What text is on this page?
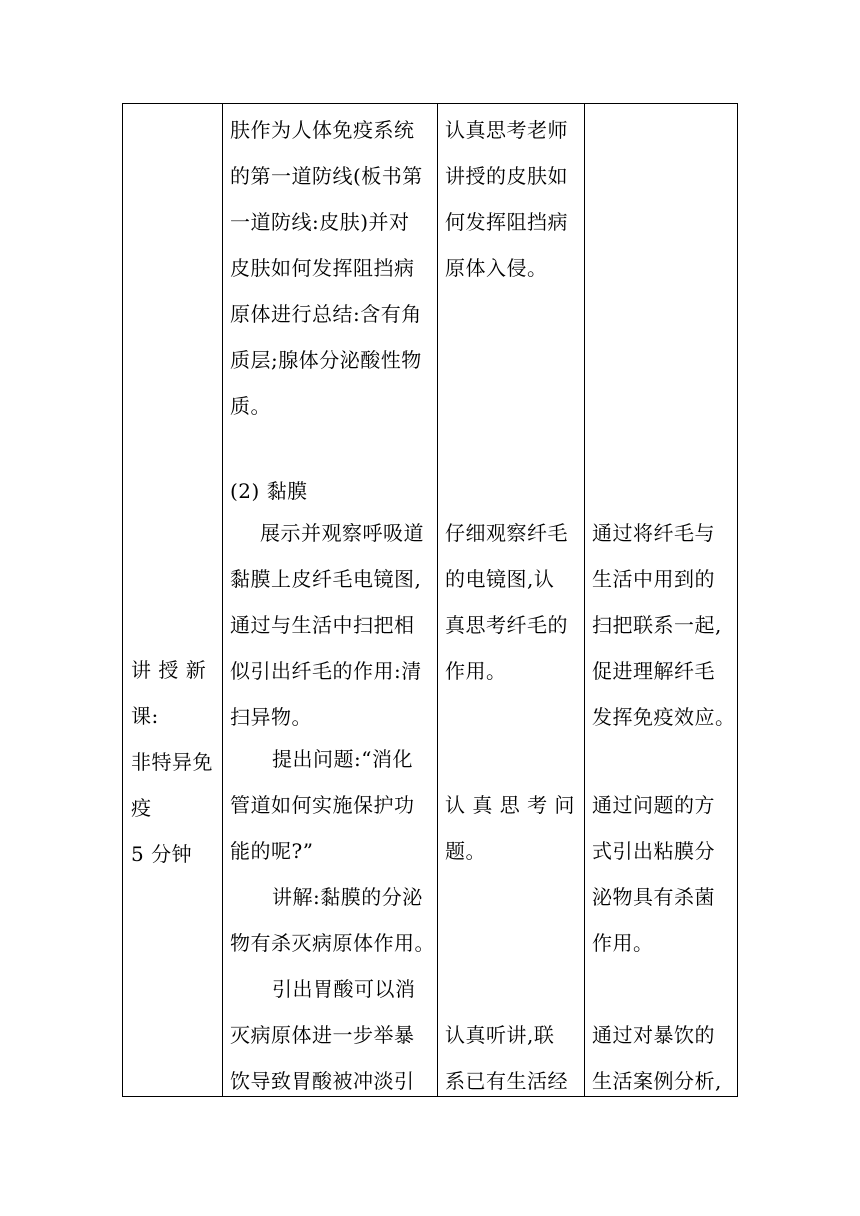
讲 授 新
课:
非特异免
疫
5 分钟
肤作为人体免疫系统
的第一道防线(板书第
一道防线:皮肤)并对
皮肤如何发挥阻挡病
原体进行总结:含有角
质层;腺体分泌酸性物
质。
(2) 黏膜
展示并观察呼吸道
黏膜上皮纤毛电镜图,
通过与生活中扫把相
似引出纤毛的作用:清
扫异物。
提出问题:“消化
管道如何实施保护功
能的呢?”
讲解:黏膜的分泌
物有杀灭病原体作用。
引出胃酸可以消
灭病原体进一步举暴
饮导致胃酸被冲淡引
认真思考老师
讲授的皮肤如
何发挥阻挡病
原体入侵。
仔细观察纤毛
的电镜图,认
真思考纤毛的
作用。
认 真 思 考 问
题。
认真听讲,联
系已有生活经
通过将纤毛与
生活中用到的
扫把联系一起,
促进理解纤毛
发挥免疫效应。
通过问题的方
式引出粘膜分
泌物具有杀菌
作用。
通过对暴饮的
生活案例分析,
